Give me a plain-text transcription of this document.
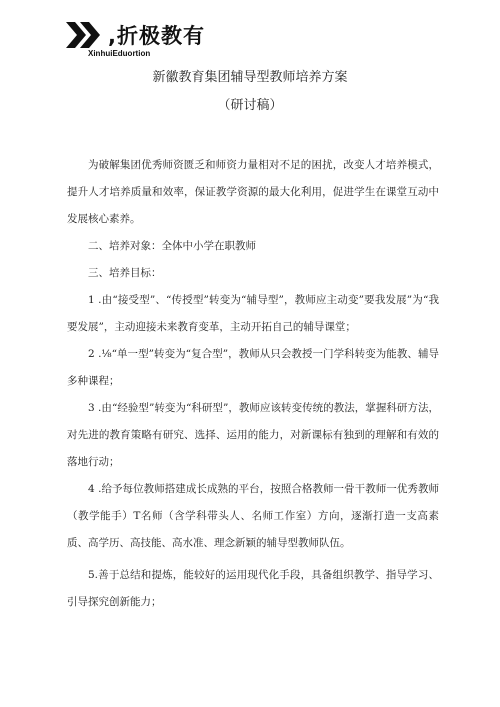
,折极教有
XinhuiEduortion
新徽教育集团辅导型教师培养方案
（研讨稿）

为破解集团优秀师资匮乏和师资力量相对不足的困扰，改变人才培养模式，提升人才培养质量和效率，保证教学资源的最大化利用，促进学生在课堂互动中发展核心素养。

二、培养对象：全体中小学在职教师

三、培养目标：

1 .由“接受型”、“传授型”转变为“辅导型”，教师应主动变”要我发展”为“我要发展”，主动迎接未来教育变革，主动开拓自己的辅导课堂；

2 .⅛“单一型”转变为“复合型”，教师从只会教授一门学科转变为能教、辅导多种课程；

3 .由“经验型”转变为“科研型”，教师应该转变传统的教法，掌握科研方法，对先进的教育策略有研究、选择、运用的能力，对新课标有独到的理解和有效的落地行动；

4 .给予每位教师搭建成长成熟的平台，按照合格教师一骨干教师一优秀教师（教学能手）T名师（含学科带头人、名师工作室）方向，逐渐打造一支高素质、高学历、高技能、高水准、理念新颖的辅导型教师队伍。

5.善于总结和提炼，能较好的运用现代化手段，具备组织教学、指导学习、引导探究创新能力；
